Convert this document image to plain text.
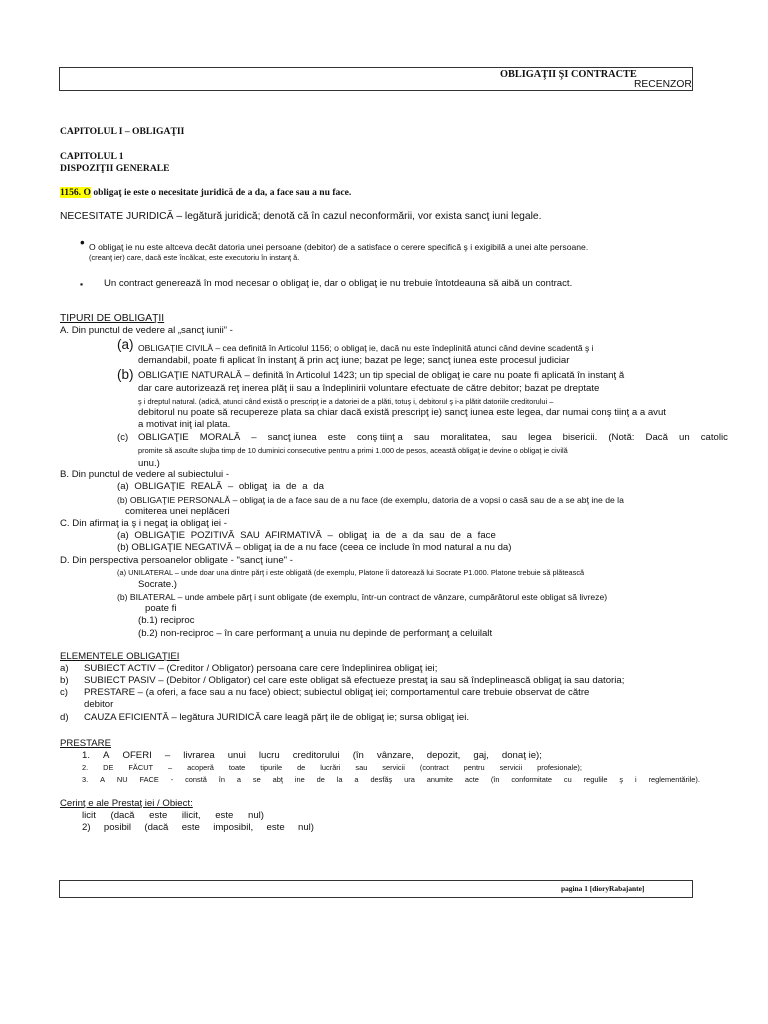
OBLIGAŢII ŞI CONTRACTE
RECENZOR
CAPITOLUL I – OBLIGAŢII
CAPITOLUL 1
DISPOZIŢII GENERALE
1156. O obligaţ ie este o necesitate juridică de a da, a face sau a nu face.
NECESITATE JURIDICĂ – legătură juridică; denotă că în cazul neconformării, vor exista sancţ iuni legale.
• O obligaţ ie nu este altceva decât datoria unei persoane (debitor) de a satisface o cerere specifică ş i exigibilă a unei alte persoane.
(creanţ ier) care, dacă este încălcat, este executoriu în instanţ ă.
▪ Un contract generează în mod necesar o obligaţ ie, dar o obligaţ ie nu trebuie întotdeauna să aibă un contract.
TIPURI DE OBLIGAŢII
A. Din punctul de vedere al „sancţ iunii” -
(a) OBLIGAŢIE CIVILĂ – cea definită în Articolul 1156; o obligaţ ie, dacă nu este îndeplinită atunci când devine scadentă ş i
demandabil, poate fi aplicat în instanţ ă prin acţ iune; bazat pe lege; sancţ iunea este procesul judiciar
(b) OBLIGAŢIE NATURALĂ – definită în Articolul 1423; un tip special de obligaţ ie care nu poate fi aplicată în instanţ ă
dar care autorizează reţ inerea plăţ ii sau a îndeplinirii voluntare efectuate de către debitor; bazat pe dreptate
ş i dreptul natural. (adică, atunci când există o prescripţ ie a datoriei de a plăti, totuş i, debitorul ş i-a plătit datoriile creditorului –
debitorul nu poate să recupereze plata sa chiar dacă există prescripţ ie) sancţ iunea este legea, dar numai conş tiinţ a a avut
a motivat iniţ ial plata.
(c) OBLIGAŢIE MORALĂ – sancţ iunea este conş tiinţ a sau moralitatea, sau legea bisericii. (Notă: Dacă un catolic
promite să asculte slujba timp de 10 duminici consecutive pentru a primi 1.000 de pesos, această obligaţ ie devine o obligaţ ie civilă
unu.)
B. Din punctul de vedere al subiectului -
(a) OBLIGAŢIE REALĂ – obligaţ ia de a da
(b) OBLIGAŢIE PERSONALĂ – obligaţ ia de a face sau de a nu face (de exemplu, datoria de a vopsi o casă sau de a se abţ ine de la
comiterea unei neplăceri
C. Din afirmaţ ia ş i negaţ ia obligaţ iei -
(a) OBLIGAŢIE POZITIVĂ SAU AFIRMATIVĂ – obligaţ ia de a da sau de a face
(b) OBLIGAŢIE NEGATIVĂ – obligaţ ia de a nu face (ceea ce include în mod natural a nu da)
D. Din perspectiva persoanelor obligate - "sancţ iune" -
(a) UNILATERAL – unde doar una dintre părţ i este obligată (de exemplu, Platone îi datorează lui Socrate P1.000. Platone trebuie să plătească
Socrate.)
(b) BILATERAL – unde ambele părţ i sunt obligate (de exemplu, într-un contract de vânzare, cumpărătorul este obligat să livreze)
poate fi
(b.1) reciproc
(b.2) non-reciproc – în care performanţ a unuia nu depinde de performanţ a celuilalt
ELEMENTELE OBLIGAŢIEI
a) SUBIECT ACTIV – (Creditor / Obligator) persoana care cere îndeplinirea obligaţ iei;
b) SUBIECT PASIV – (Debitor / Obligator) cel care este obligat să efectueze prestaţ ia sau să îndeplinească obligaţ ia sau datoria;
c) PRESTARE – (a oferi, a face sau a nu face) obiect; subiectul obligaţ iei; comportamentul care trebuie observat de către
debitor
d) CAUZA EFICIENTĂ – legătura JURIDICĂ care leagă părţ ile de obligaţ ie; sursa obligaţ iei.
PRESTARE
1. A OFERI – livrarea unui lucru creditorului (în vânzare, depozit, gaj, donaţ ie);
2. DE FĂCUT – acoperă toate tipurile de lucrări sau servicii (contract pentru servicii profesionale);
3. A NU FACE - constă în a se abţ ine de la a desfăş ura anumite acte (în conformitate cu regulile ş i reglementările).
Cerinţ e ale Prestaţ iei / Obiect:
licit (dacă este ilicit, este nul)
2) posibil (dacă este imposibil, este nul)
pagina 1 [dioryRabajante]
